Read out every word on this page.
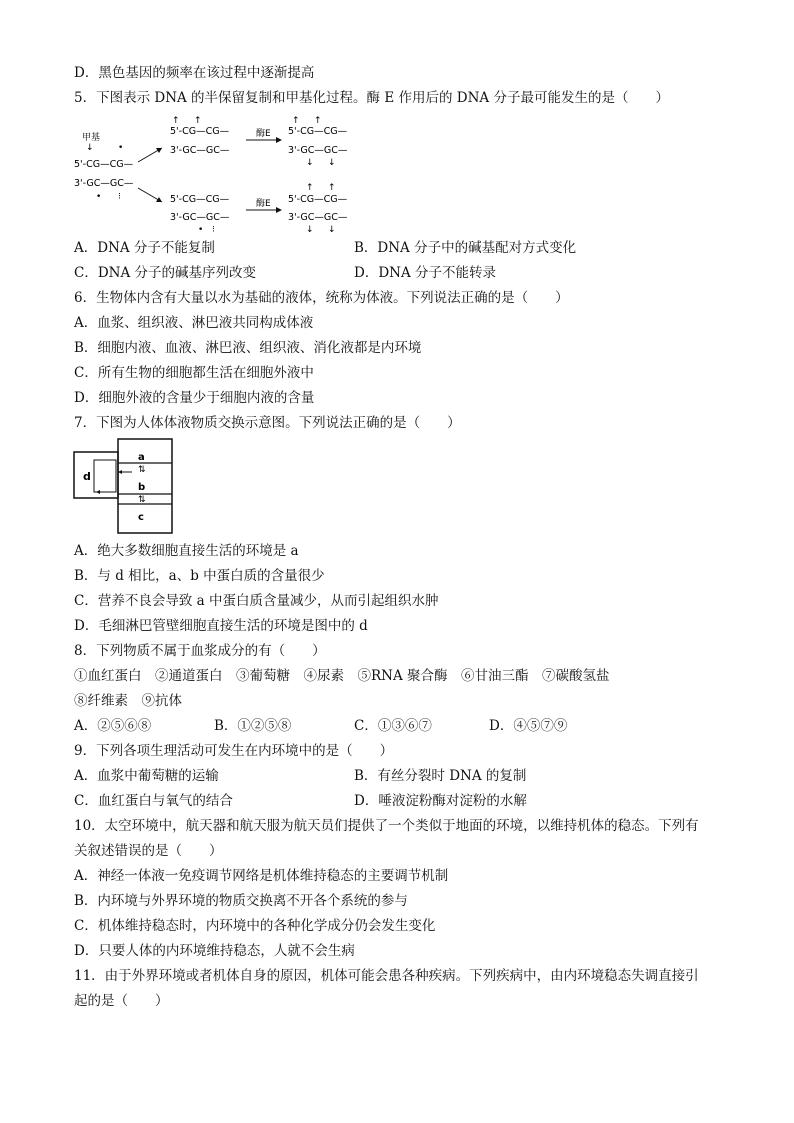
D．黑色基因的频率在该过程中逐渐提高
5．下图表示 DNA 的半保留复制和甲基化过程。酶 E 作用后的 DNA 分子最可能发生的是（　　）
甲基
↓	•
5'-CG—CG—
3'-GC—GC—
• ⁝
↑ ↑
5'-CG—CG—
3'-GC—GC—
酶E
↑ ↑
5'-CG—CG—
3'-GC—GC—
↓ ↓
↑ ↑
5'-CG—CG—
3'-GC—GC—
• ⁝
酶E 5'-CG—CG—
3'-GC—GC—
↓ ↓
A．DNA 分子不能复制	B．DNA 分子中的碱基配对方式变化
C．DNA 分子的碱基序列改变	D．DNA 分子不能转录
6．生物体内含有大量以水为基础的液体，统称为体液。下列说法正确的是（　　）
A．血浆、组织液、淋巴液共同构成体液
B．细胞内液、血液、淋巴液、组织液、消化液都是内环境
C．所有生物的细胞都生活在细胞外液中
D．细胞外液的含量少于细胞内液的含量
7．下图为人体体液物质交换示意图。下列说法正确的是（　　）
d
a
⇅
b
⇅
c
A．绝大多数细胞直接生活的环境是 a
B．与 d 相比，a、b 中蛋白质的含量很少
C．营养不良会导致 a 中蛋白质含量减少，从而引起组织水肿
D．毛细淋巴管壁细胞直接生活的环境是图中的 d
8．下列物质不属于血浆成分的有（　　）
①血红蛋白　②通道蛋白　③葡萄糖　④尿素　⑤RNA 聚合酶　⑥甘油三酯　⑦碳酸氢盐
⑧纤维素　⑨抗体
A．②⑤⑥⑧	B．①②⑤⑧	C．①③⑥⑦	D．④⑤⑦⑨
9．下列各项生理活动可发生在内环境中的是（　　）
A．血浆中葡萄糖的运输	B．有丝分裂时 DNA 的复制
C．血红蛋白与氧气的结合	D．唾液淀粉酶对淀粉的水解
10．太空环境中，航天器和航天服为航天员们提供了一个类似于地面的环境，以维持机体的稳态。下列有
关叙述错误的是（　　）
A．神经一体液一免疫调节网络是机体维持稳态的主要调节机制
B．内环境与外界环境的物质交换离不开各个系统的参与
C．机体维持稳态时，内环境中的各种化学成分仍会发生变化
D．只要人体的内环境维持稳态，人就不会生病
11．由于外界环境或者机体自身的原因，机体可能会患各种疾病。下列疾病中，由内环境稳态失调直接引
起的是（　　）
